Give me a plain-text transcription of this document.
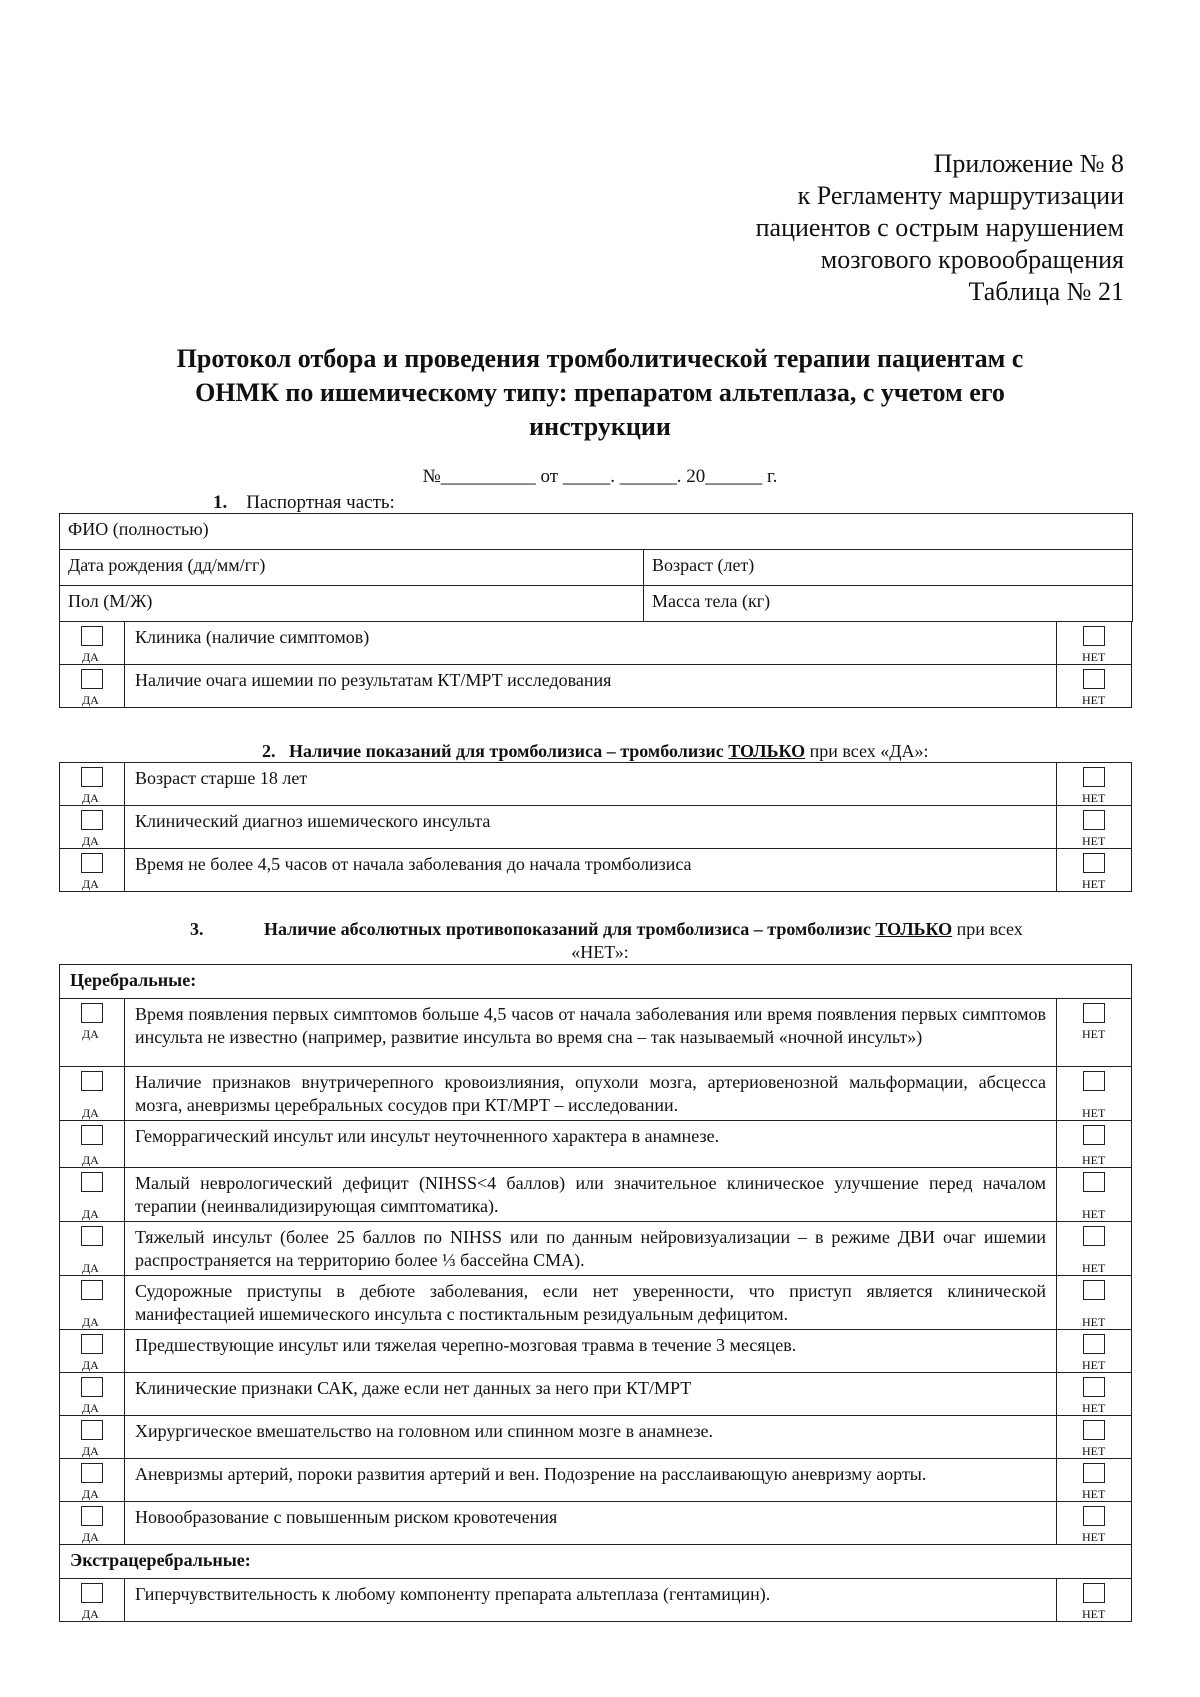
Приложение № 8
к Регламенту маршрутизации
пациентов с острым нарушением
мозгового кровообращения
Таблица № 21
Протокол отбора и проведения тромболитической терапии пациентам с
ОНМК по ишемическому типу: препаратом альтеплаза, с учетом его
инструкции
№__________ от _____. ______. 20______ г.
1. Паспортная часть:
ФИО (полностью)	
Дата рождения (дд/мм/гг)	Возраст (лет)
Пол (М/Ж)	Масса тела (кг)
ДА	Клиника (наличие симптомов)	НЕТ

ДА	Наличие очага ишемии по результатам КТ/МРТ исследования	НЕТ
2. Наличие показаний для тромболизиса – тромболизис ТОЛЬКО при всех «ДА»:
ДА	Возраст старше 18 лет	НЕТ

ДА	Клинический диагноз ишемического инсульта	НЕТ

ДА	Время не более 4,5 часов от начала заболевания до начала тромболизиса	НЕТ
3.	Наличие абсолютных противопоказаний для тромболизиса – тромболизис ТОЛЬКО при всех
«НЕТ»:
Церебральные:		

ДА	Время появления первых симптомов больше 4,5 часов от начала заболевания или время появления первых симптомов инсульта не известно (например, развитие инсульта во время сна – так называемый «ночной инсульт»)	НЕТ

ДА	Наличие признаков внутричерепного кровоизлияния, опухоли мозга, артериовенозной мальформации, абсцесса мозга, аневризмы церебральных сосудов при КТ/МРТ – исследовании.	НЕТ

ДА	Геморрагический инсульт или инсульт неуточненного характера в анамнезе.	НЕТ

ДА	Малый неврологический дефицит (NIHSS<4 баллов) или значительное клиническое улучшение перед началом терапии (неинвалидизирующая симптоматика).	НЕТ

ДА	Тяжелый инсульт (более 25 баллов по NIHSS или по данным нейровизуализации – в режиме ДВИ очаг ишемии распространяется на территорию более ⅓ бассейна СМА).	НЕТ

ДА	Судорожные приступы в дебюте заболевания, если нет уверенности, что приступ является клинической манифестацией ишемического инсульта с постиктальным резидуальным дефицитом.	НЕТ

ДА	Предшествующие инсульт или тяжелая черепно-мозговая травма в течение 3 месяцев.	НЕТ

ДА	Клинические признаки САК, даже если нет данных за него при КТ/МРТ	НЕТ

ДА	Хирургическое вмешательство на головном или спинном мозге в анамнезе.	НЕТ

ДА	Аневризмы артерий, пороки развития артерий и вен. Подозрение на расслаивающую аневризму аорты.	НЕТ

ДА	Новообразование с повышенным риском кровотечения	НЕТ

Экстрацеребральные:		

ДА	Гиперчувствительность к любому компоненту препарата альтеплаза (гентамицин).	НЕТ
